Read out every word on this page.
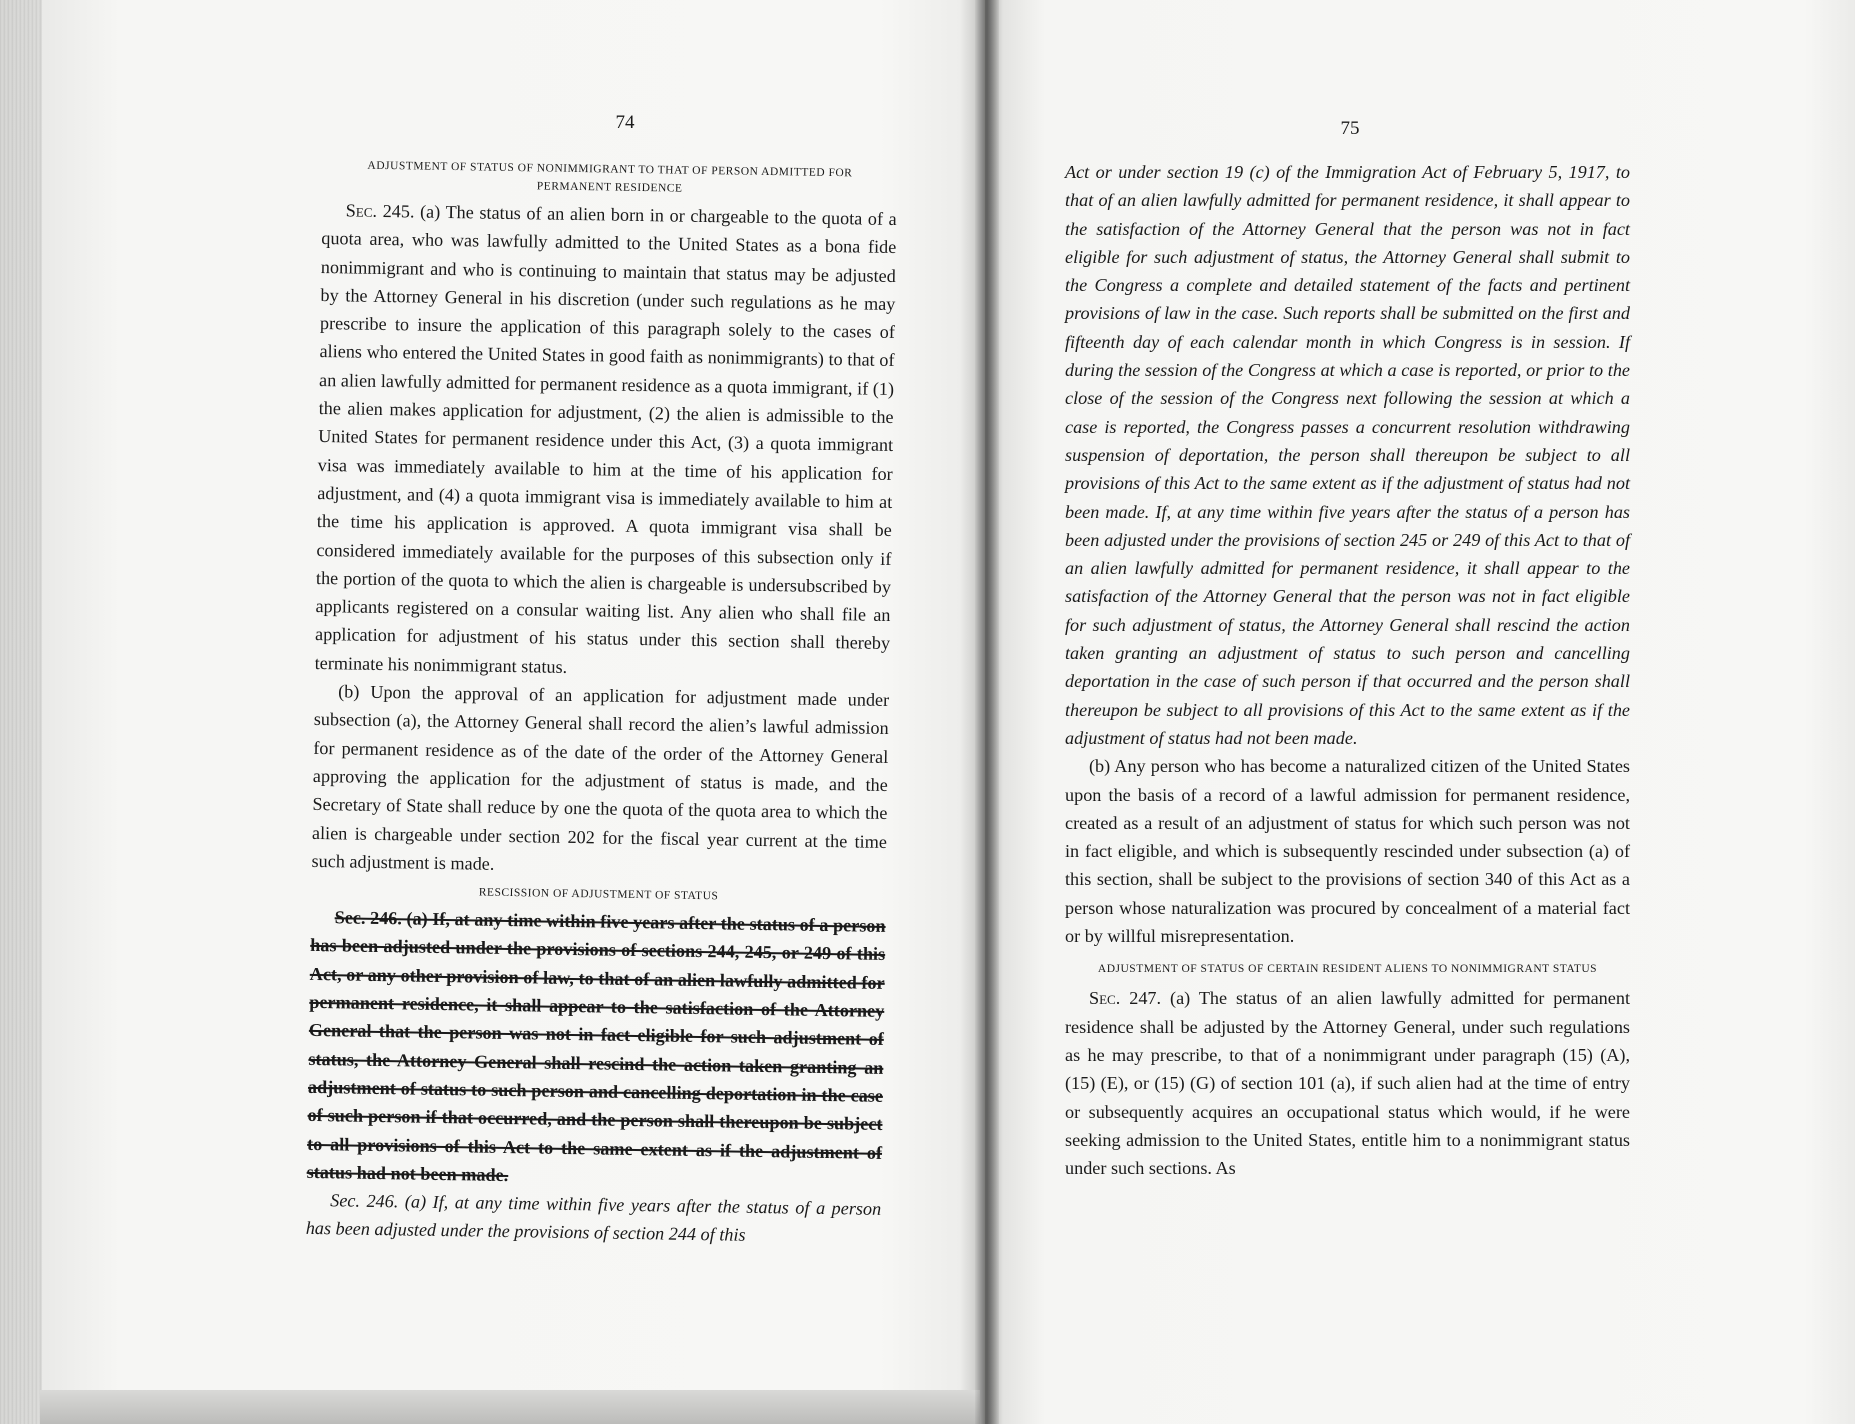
74
ADJUSTMENT OF STATUS OF NONIMMIGRANT TO THAT OF PERSON ADMITTED FOR PERMANENT RESIDENCE

Sec. 245. (a) The status of an alien born in or chargeable to the quota of a quota area, who was lawfully admitted to the United States as a bona fide nonimmigrant and who is continuing to maintain that status may be adjusted by the Attorney General in his discretion (under such regulations as he may prescribe to insure the application of this paragraph solely to the cases of aliens who entered the United States in good faith as nonimmigrants) to that of an alien lawfully admitted for permanent residence as a quota immigrant, if (1) the alien makes application for adjustment, (2) the alien is admissible to the United States for permanent residence under this Act, (3) a quota immigrant visa was immediately available to him at the time of his application for adjustment, and (4) a quota immigrant visa is immediately available to him at the time his application is approved. A quota immigrant visa shall be considered immediately available for the purposes of this subsection only if the portion of the quota to which the alien is chargeable is undersubscribed by applicants registered on a consular waiting list. Any alien who shall file an application for adjustment of his status under this section shall thereby terminate his nonimmigrant status.

(b) Upon the approval of an application for adjustment made under subsection (a), the Attorney General shall record the alien’s lawful admission for permanent residence as of the date of the order of the Attorney General approving the application for the adjustment of status is made, and the Secretary of State shall reduce by one the quota of the quota area to which the alien is chargeable under section 202 for the fiscal year current at the time such adjustment is made.

RESCISSION OF ADJUSTMENT OF STATUS

Sec. 246. (a) If, at any time within five years after the status of a person has been adjusted under the provisions of sections 244, 245, or 249 of this Act, or any other provision of law, to that of an alien lawfully admitted for permanent residence, it shall appear to the satisfaction of the Attorney General that the person was not in fact eligible for such adjustment of status, the Attorney General shall rescind the action taken granting an adjustment of status to such person and cancelling deportation in the case of such person if that occurred, and the person shall thereupon be subject to all provisions of this Act to the same extent as if the adjustment of status had not been made.

Sec. 246. (a) If, at any time within five years after the status of a person has been adjusted under the provisions of section 244 of this

75

Act or under section 19 (c) of the Immigration Act of February 5, 1917, to that of an alien lawfully admitted for permanent residence, it shall appear to the satisfaction of the Attorney General that the person was not in fact eligible for such adjustment of status, the Attorney General shall submit to the Congress a complete and detailed statement of the facts and pertinent provisions of law in the case. Such reports shall be submitted on the first and fifteenth day of each calendar month in which Congress is in session. If during the session of the Congress at which a case is reported, or prior to the close of the session of the Congress next following the session at which a case is reported, the Congress passes a concurrent resolution withdrawing suspension of deportation, the person shall thereupon be subject to all provisions of this Act to the same extent as if the adjustment of status had not been made. If, at any time within five years after the status of a person has been adjusted under the provisions of section 245 or 249 of this Act to that of an alien lawfully admitted for permanent residence, it shall appear to the satisfaction of the Attorney General that the person was not in fact eligible for such adjustment of status, the Attorney General shall rescind the action taken granting an adjustment of status to such person and cancelling deportation in the case of such person if that occurred and the person shall thereupon be subject to all provisions of this Act to the same extent as if the adjustment of status had not been made.

(b) Any person who has become a naturalized citizen of the United States upon the basis of a record of a lawful admission for permanent residence, created as a result of an adjustment of status for which such person was not in fact eligible, and which is subsequently rescinded under subsection (a) of this section, shall be subject to the provisions of section 340 of this Act as a person whose naturalization was procured by concealment of a material fact or by willful misrepresentation.

ADJUSTMENT OF STATUS OF CERTAIN RESIDENT ALIENS TO NONIMMIGRANT STATUS

Sec. 247. (a) The status of an alien lawfully admitted for permanent residence shall be adjusted by the Attorney General, under such regulations as he may prescribe, to that of a nonimmigrant under paragraph (15) (A), (15) (E), or (15) (G) of section 101 (a), if such alien had at the time of entry or subsequently acquires an occupational status which would, if he were seeking admission to the United States, entitle him to a nonimmigrant status under such sections. As
